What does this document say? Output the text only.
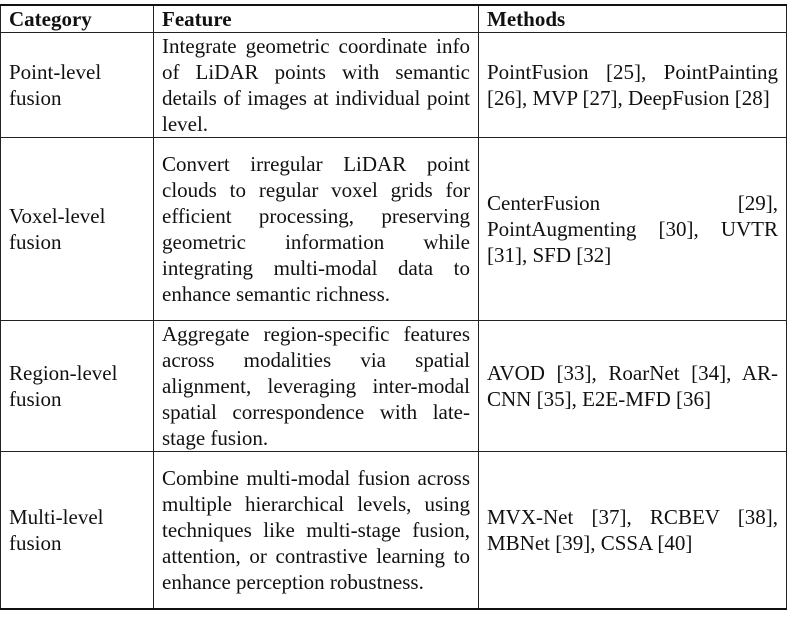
Category	Feature	Methods

Point-level fusion	Integrate geometric coordinate info of LiDAR points with semantic details of images at individual point level.	PointFusion [25], PointPainting [26], MVP [27], DeepFusion [28]

Voxel-level fusion	Convert irregular LiDAR point clouds to regular voxel grids for efficient processing, preserving geometric information while integrating multi-modal data to enhance semantic richness.	CenterFusion [29], PointAugmenting [30], UVTR [31], SFD [32]

Region-level fusion	Aggregate region-specific features across modalities via spatial alignment, leveraging inter-modal spatial correspondence with late-stage fusion.	AVOD [33], RoarNet [34], AR-CNN [35], E2E-MFD [36]

Multi-level fusion	Combine multi-modal fusion across multiple hierarchical levels, using techniques like multi-stage fusion, attention, or contrastive learning to enhance perception robustness.	MVX-Net [37], RCBEV [38], MBNet [39], CSSA [40]
